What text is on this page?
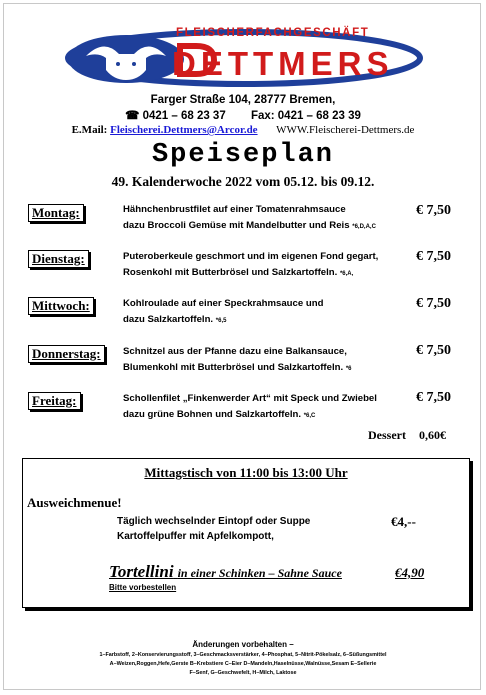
FLEISCHERFACHGESCHÄFT
DETTMERS
Farger Straße 104, 28777 Bremen,
☎ 0421 – 68 23 37 Fax: 0421 – 68 23 39
E.Mail: Fleischerei.Dettmers@Arcor.de WWW.Fleischerei-Dettmers.de
Speiseplan
49. Kalenderwoche 2022 vom 05.12. bis 09.12.
Montag:	Hähnchenbrustfilet auf einer Tomatenrahmsauce
dazu Broccoli Gemüse mit Mandelbutter und Reis *6,D,A,C
€ 7,50
Dienstag:	Puteroberkeule geschmort und im eigenen Fond gegart,
Rosenkohl mit Butterbrösel und Salzkartoffeln. *6,A,
€ 7,50
Mittwoch:	Kohlroulade auf einer Speckrahmsauce und
dazu Salzkartoffeln. *6,5
€ 7,50
Donnerstag:	Schnitzel aus der Pfanne dazu eine Balkansauce,
Blumenkohl mit Butterbrösel und Salzkartoffeln. *6
€ 7,50
Freitag:	Schollenfilet „Finkenwerder Art“ mit Speck und Zwiebel
dazu grüne Bohnen und Salzkartoffeln. *6,C
€ 7,50
Dessert 0,60€
Mittagstisch von 11:00 bis 13:00 Uhr
Ausweichmenue!
Täglich wechselnder Eintopf oder Suppe
Kartoffelpuffer mit Apfelkompott,
€4,--
Tortellini in einer Schinken – Sahne Sauce	€4,90
Bitte vorbestellen
Änderungen vorbehalten –
1–Farbstoff, 2–Konservierungsstoff, 3–Geschmacksverstärker, 4–Phosphat, 5–Nitrit-Pökelsalz, 6–Süßungsmittel
A–Weizen,Roggen,Hefe,Gerste B–Krebstiere C–Eier D–Mandeln,Haselnüsse,Walnüsse,Sesam E–Sellerie
F–Senf, G–Geschwefelt, H–Milch, Laktose
